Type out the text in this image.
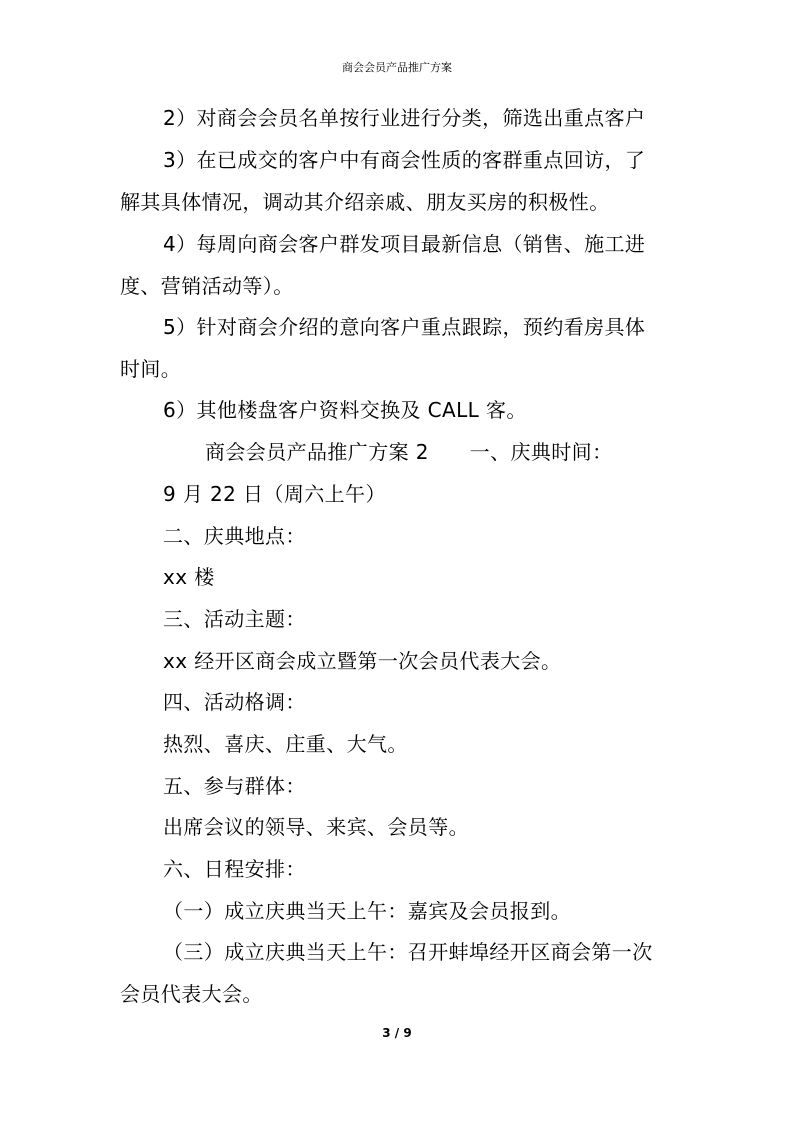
商会会员产品推广方案
2）对商会会员名单按行业进行分类，筛选出重点客户
3）在已成交的客户中有商会性质的客群重点回访，了
解其具体情况，调动其介绍亲戚、朋友买房的积极性。
4）每周向商会客户群发项目最新信息（销售、施工进
度、营销活动等）。
5）针对商会介绍的意向客户重点跟踪，预约看房具体
时间。
6）其他楼盘客户资料交换及 CALL 客。
商会会员产品推广方案 2　　一、庆典时间：
9 月 22 日（周六上午）
二、庆典地点：
xx 楼
三、活动主题：
xx 经开区商会成立暨第一次会员代表大会。
四、活动格调：
热烈、喜庆、庄重、大气。
五、参与群体：
出席会议的领导、来宾、会员等。
六、日程安排：
（一）成立庆典当天上午：嘉宾及会员报到。
（三）成立庆典当天上午：召开蚌埠经开区商会第一次
会员代表大会。
3 / 9
